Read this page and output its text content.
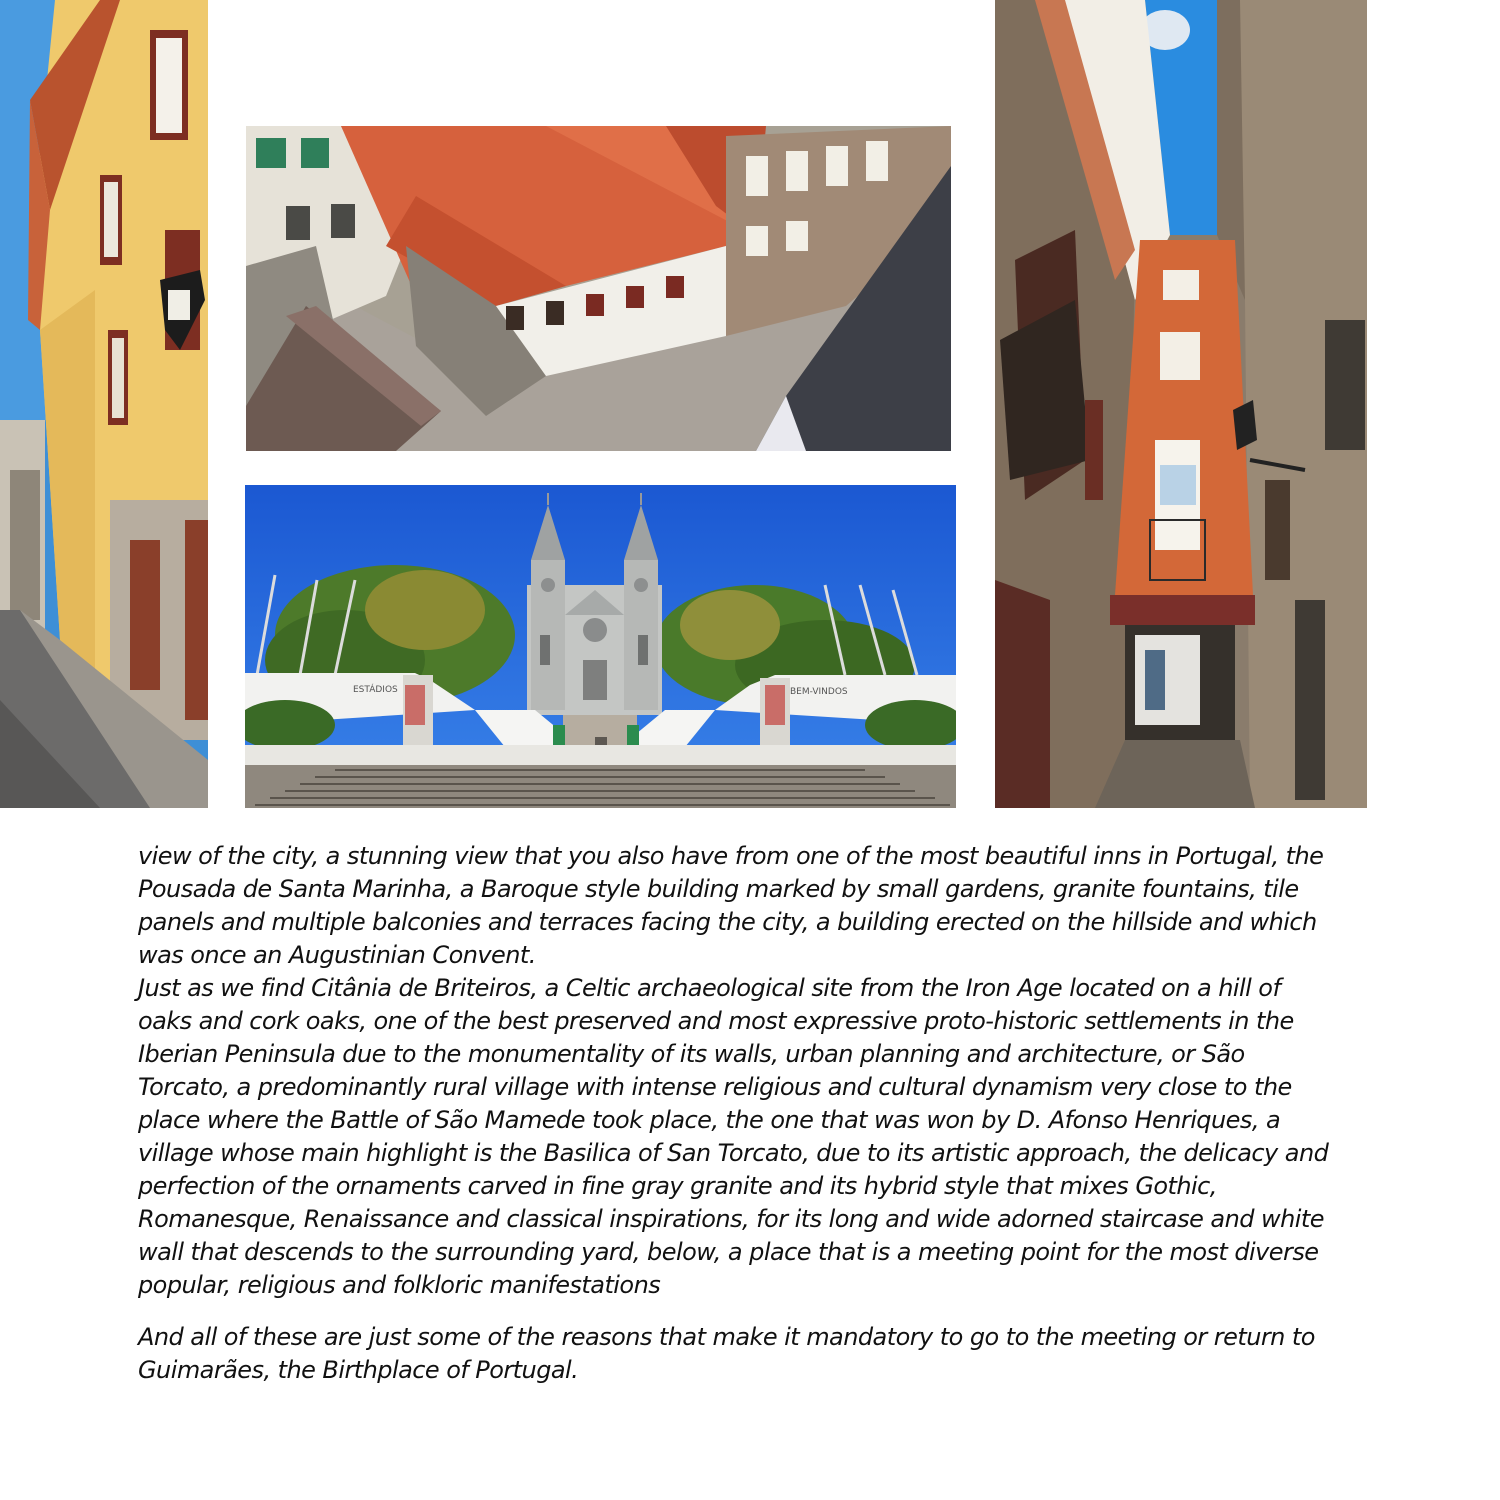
ESTÁDIOS	BEM-VINDOS

view of the city, a stunning view that you also have from one of the most beautiful inns in Portugal, the

Pousada de Santa Marinha, a Baroque style building marked by small gardens, granite fountains, tile

panels and multiple balconies and terraces facing the city, a building erected on the hillside and which

was once an Augustinian Convent.

Just as we find Citânia de Briteiros, a Celtic archaeological site from the Iron Age located on a hill of

oaks and cork oaks, one of the best preserved and most expressive proto-historic settlements in the

Iberian Peninsula due to the monumentality of its walls, urban planning and architecture, or São

Torcato, a predominantly rural village with intense religious and cultural dynamism very close to the

place where the Battle of São Mamede took place, the one that was won by D. Afonso Henriques, a

village whose main highlight is the Basilica of San Torcato, due to its artistic approach, the delicacy and

perfection of the ornaments carved in fine gray granite and its hybrid style that mixes Gothic,

Romanesque, Renaissance and classical inspirations, for its long and wide adorned staircase and white

wall that descends to the surrounding yard, below, a place that is a meeting point for the most diverse

popular, religious and folkloric manifestations

And all of these are just some of the reasons that make it mandatory to go to the meeting or return to

Guimarães, the Birthplace of Portugal.
